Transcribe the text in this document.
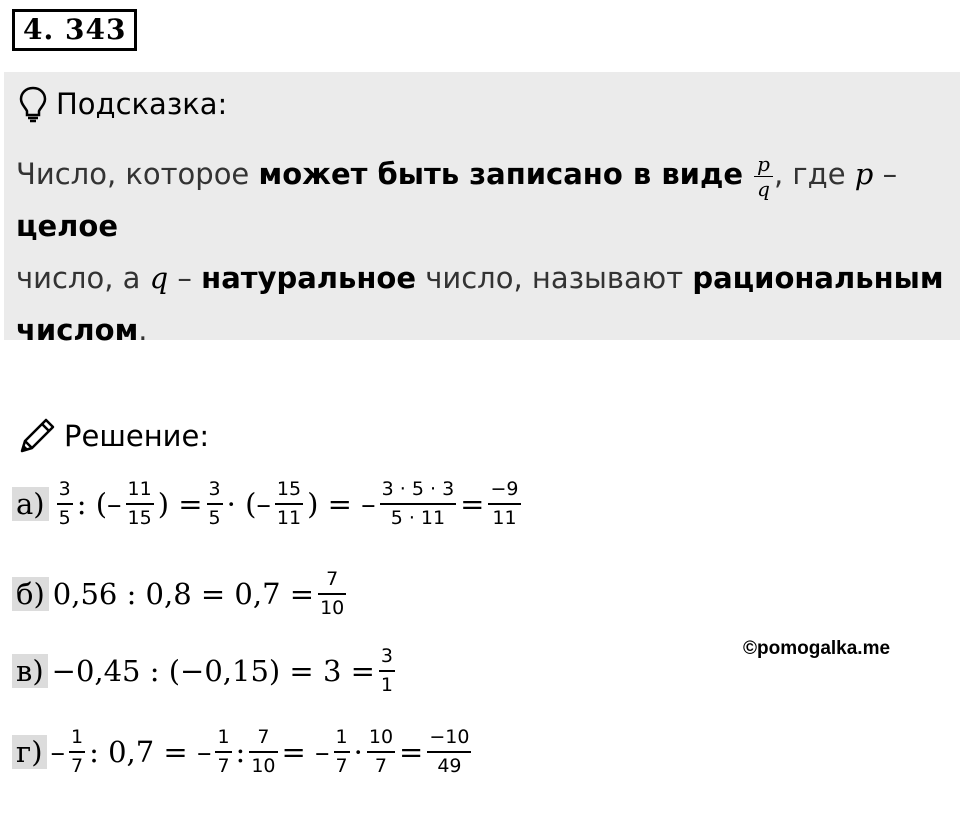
4. 343
Подсказка:
Число, которое может быть записано в виде $\frac{p}{q}$ , где p – целое
число, а q – натуральное число, называют рациональным числом.
Решение:
$а) \frac{3}{5}$ : (– $\frac{11}{15}$ ) = $\frac{3}{5}$ · (– $\frac{15}{11}$ ) = – $\frac{3 \cdot 5 \cdot 3}{5 \cdot 11} = \frac{-9}{11}$
б) 0,56 : $0,8 = 0,7 = \frac{7}{10}$
в) −0,45 : $(-0,15) = 3 = \frac{3}{1}$
$г) - \frac{1}{7}$ : 0,7 = – $\frac{1}{7}$ : $\frac{7}{10}$ = – $\frac{1}{7} \cdot \frac{10}{7} = \frac{-10}{49}$
©pomogalka.me
